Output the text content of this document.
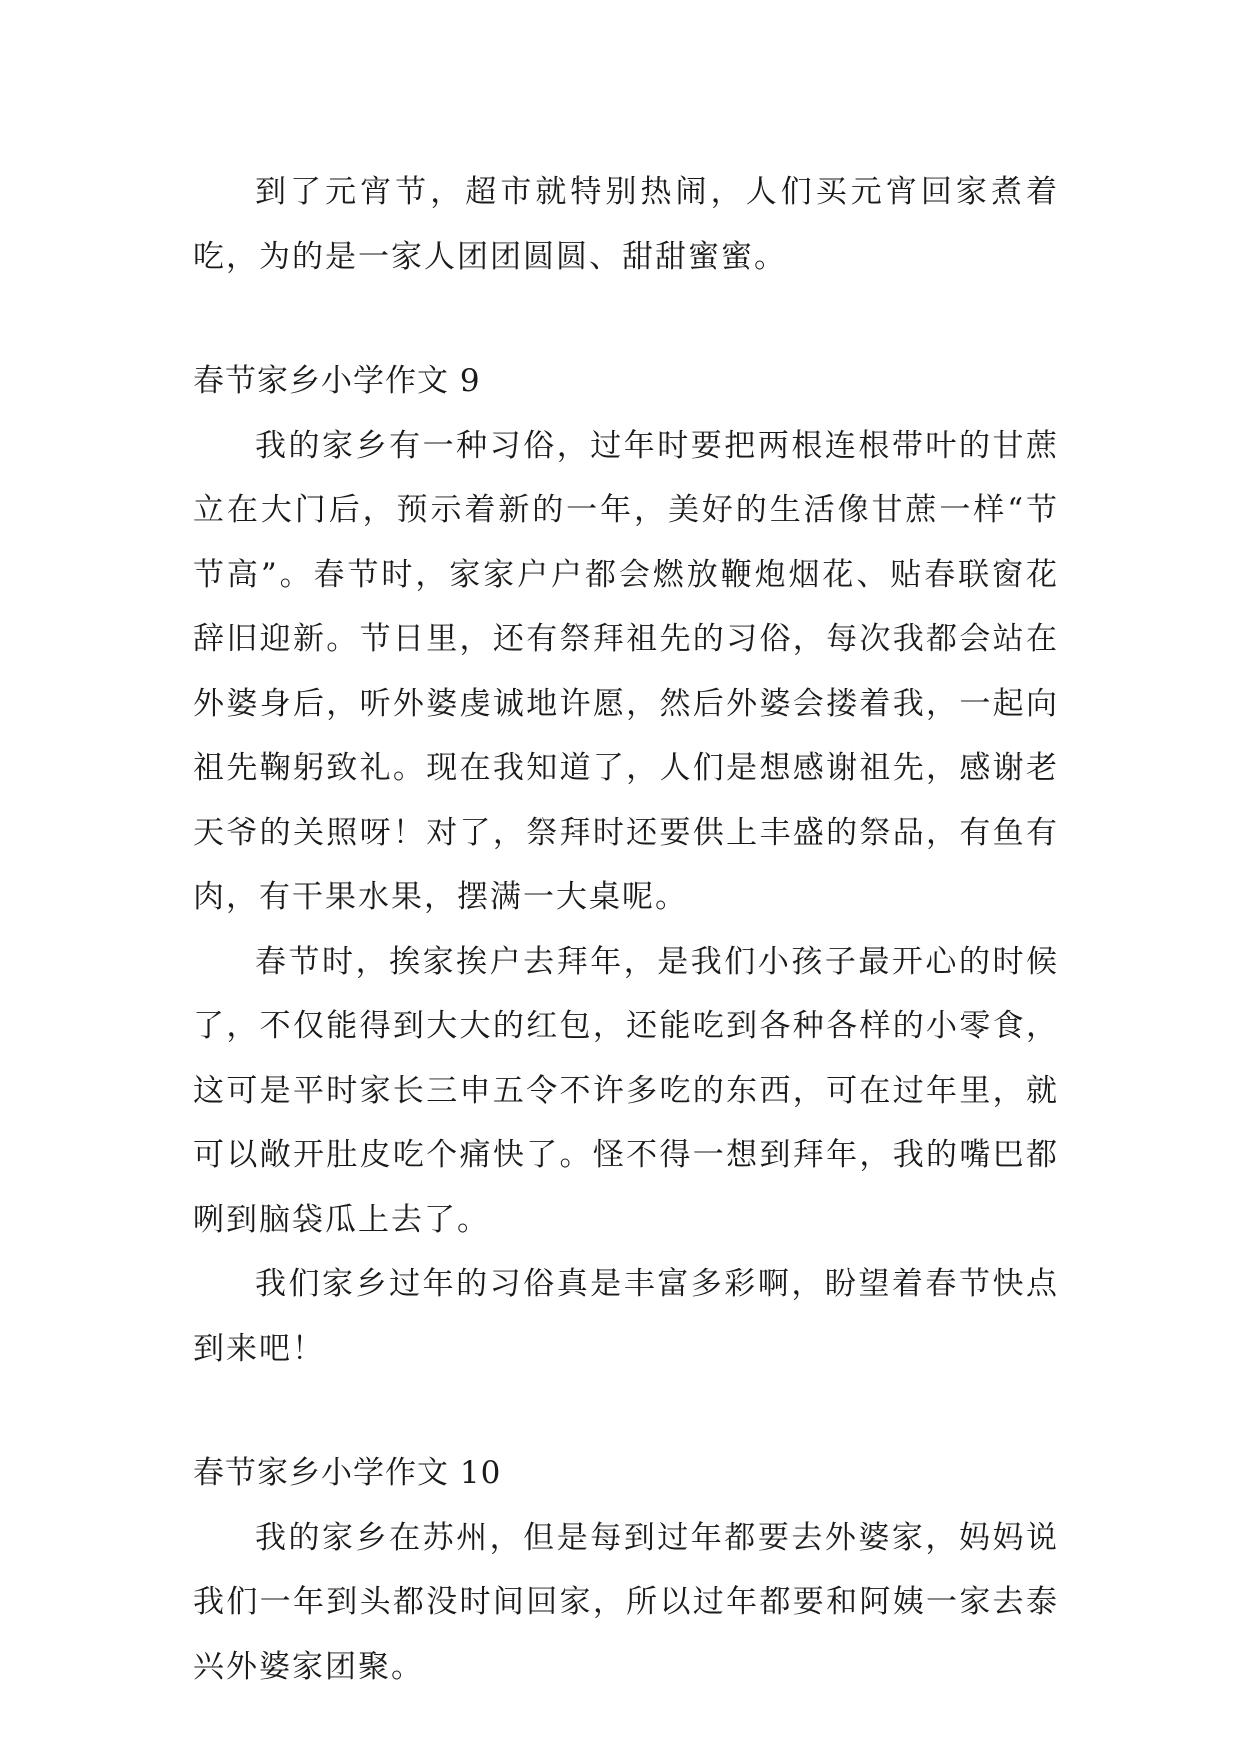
到了元宵节，超市就特别热闹，人们买元宵回家煮着吃，为的是一家人团团圆圆、甜甜蜜蜜。

春节家乡小学作文 9

我的家乡有一种习俗，过年时要把两根连根带叶的甘蔗立在大门后，预示着新的一年，美好的生活像甘蔗一样“节节高”。春节时，家家户户都会燃放鞭炮烟花、贴春联窗花辞旧迎新。节日里，还有祭拜祖先的习俗，每次我都会站在外婆身后，听外婆虔诚地许愿，然后外婆会搂着我，一起向祖先鞠躬致礼。现在我知道了，人们是想感谢祖先，感谢老天爷的关照呀！对了，祭拜时还要供上丰盛的祭品，有鱼有肉，有干果水果，摆满一大桌呢。

春节时，挨家挨户去拜年，是我们小孩子最开心的时候了，不仅能得到大大的红包，还能吃到各种各样的小零食，这可是平时家长三申五令不许多吃的东西，可在过年里，就可以敞开肚皮吃个痛快了。怪不得一想到拜年，我的嘴巴都咧到脑袋瓜上去了。

我们家乡过年的习俗真是丰富多彩啊，盼望着春节快点到来吧！

春节家乡小学作文 10

我的家乡在苏州，但是每到过年都要去外婆家，妈妈说我们一年到头都没时间回家，所以过年都要和阿姨一家去泰兴外婆家团聚。
